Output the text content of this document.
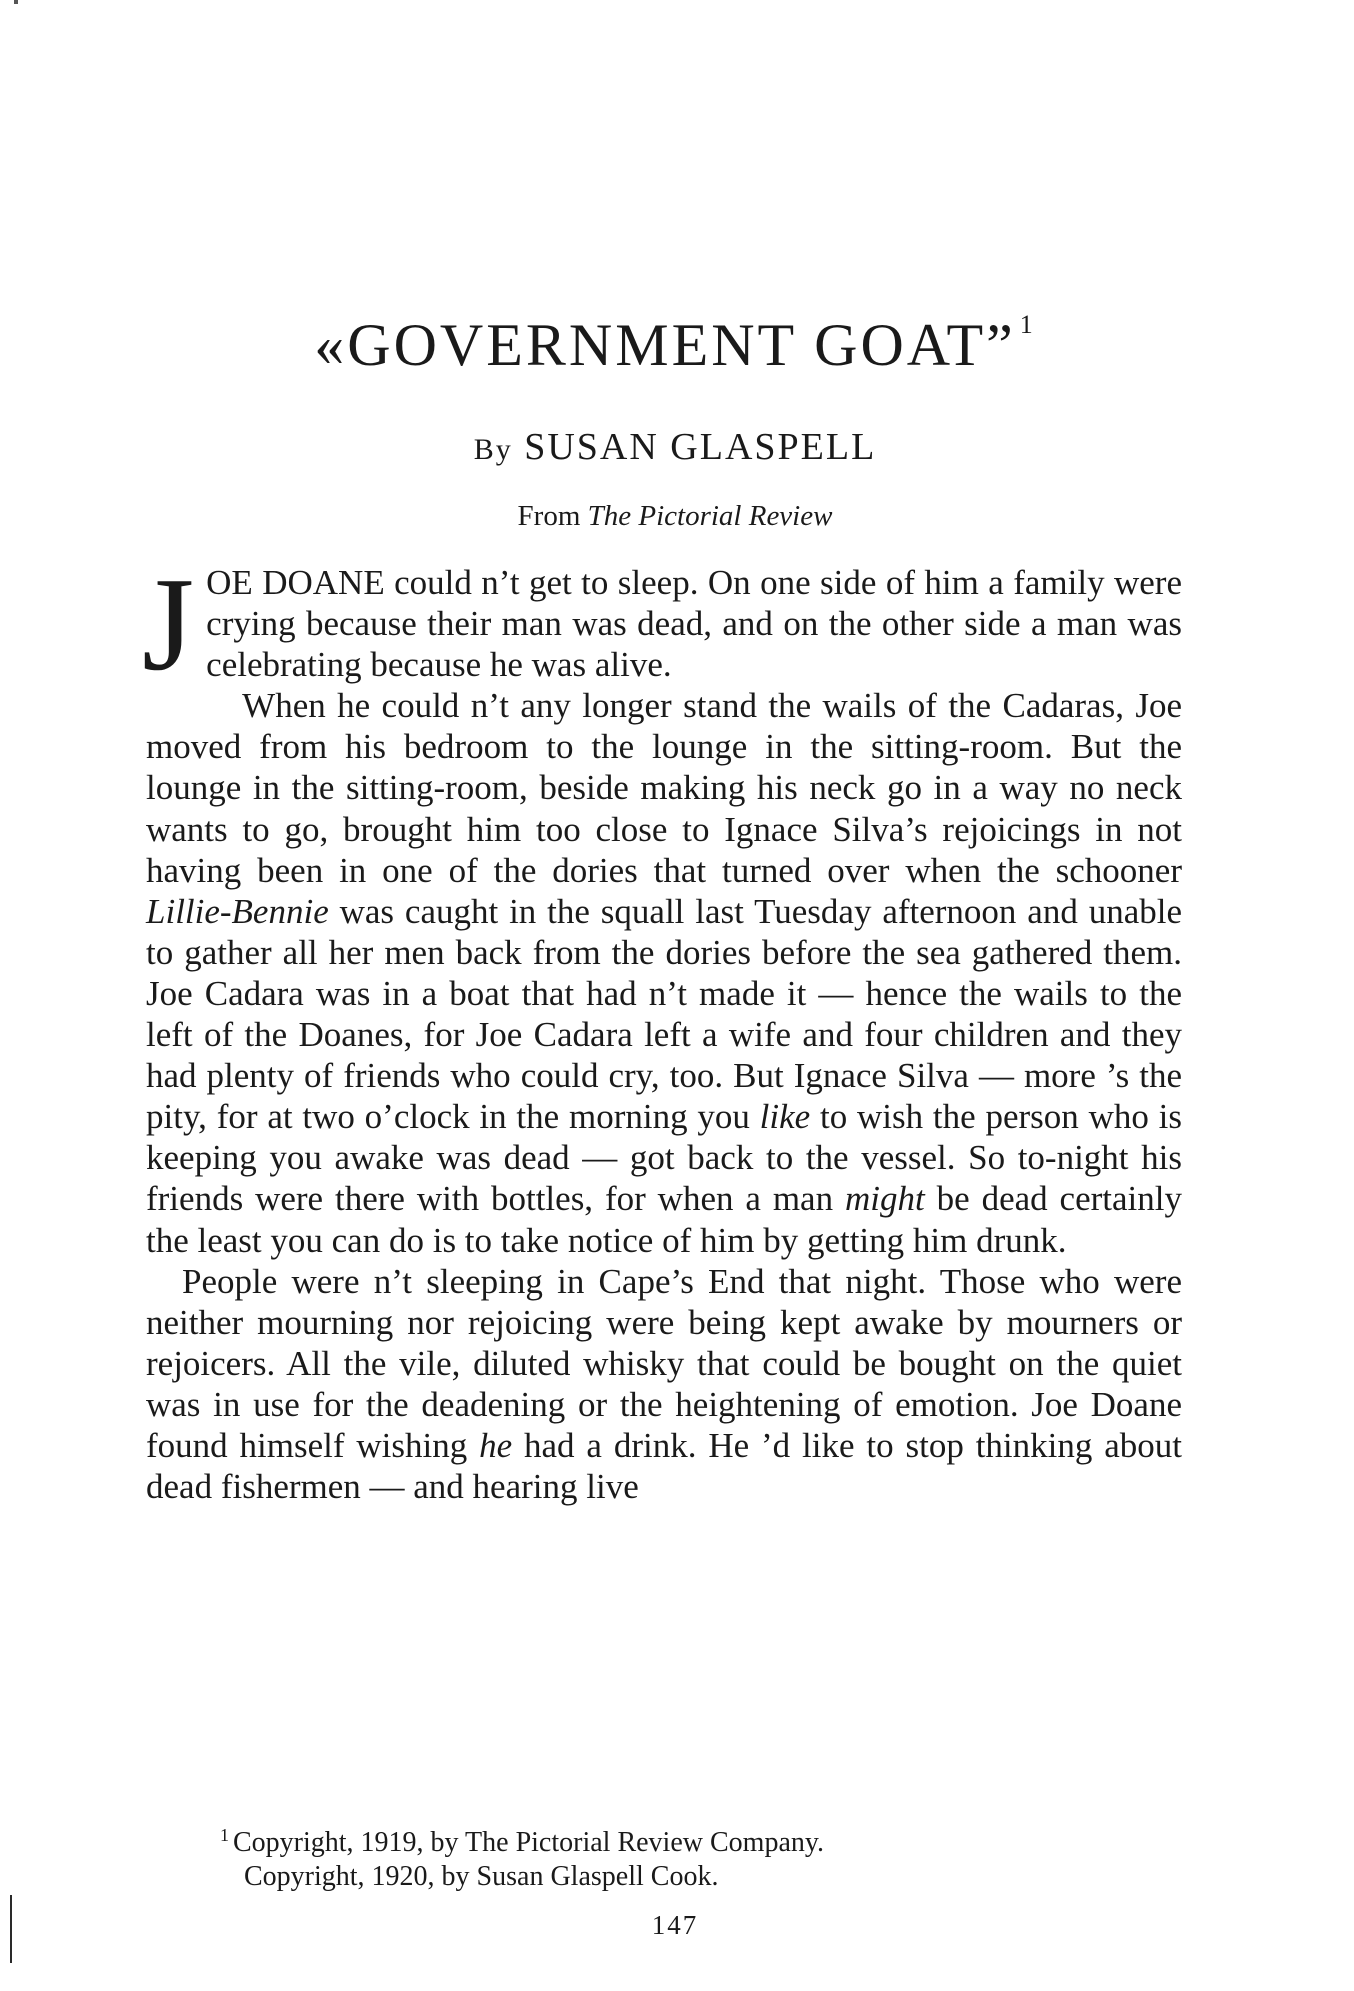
«GOVERNMENT GOAT” $^1$
By SUSAN GLASPELL
From The Pictorial Review

JOE DOANE could n’t get to sleep. On one side of him a family were crying because their man was dead, and on the other side a man was celebrating because he was alive.

When he could n’t any longer stand the wails of the Cadaras, Joe moved from his bedroom to the lounge in the sitting-room. But the lounge in the sitting-room, beside making his neck go in a way no neck wants to go, brought him too close to Ignace Silva’s rejoicings in not having been in one of the dories that turned over when the schooner Lillie-Bennie was caught in the squall last Tuesday afternoon and unable to gather all her men back from the dories before the sea gathered them. Joe Cadara was in a boat that had n’t made it — hence the wails to the left of the Doanes, for Joe Cadara left a wife and four children and they had plenty of friends who could cry, too. But Ignace Silva — more ’s the pity, for at two o’clock in the morning you like to wish the person who is keeping you awake was dead — got back to the vessel. So to-night his friends were there with bottles, for when a man might be dead certainly the least you can do is to take notice of him by getting him drunk.

People were n’t sleeping in Cape’s End that night. Those who were neither mourning nor rejoicing were being kept awake by mourners or rejoicers. All the vile, diluted whisky that could be bought on the quiet was in use for the deadening or the heightening of emotion. Joe Doane found himself wishing he had a drink. He ’d like to stop thinking about dead fishermen — and hearing live

$^1$ Copyright, 1919, by The Pictorial Review Company.
Copyright, 1920, by Susan Glaspell Cook.
147
